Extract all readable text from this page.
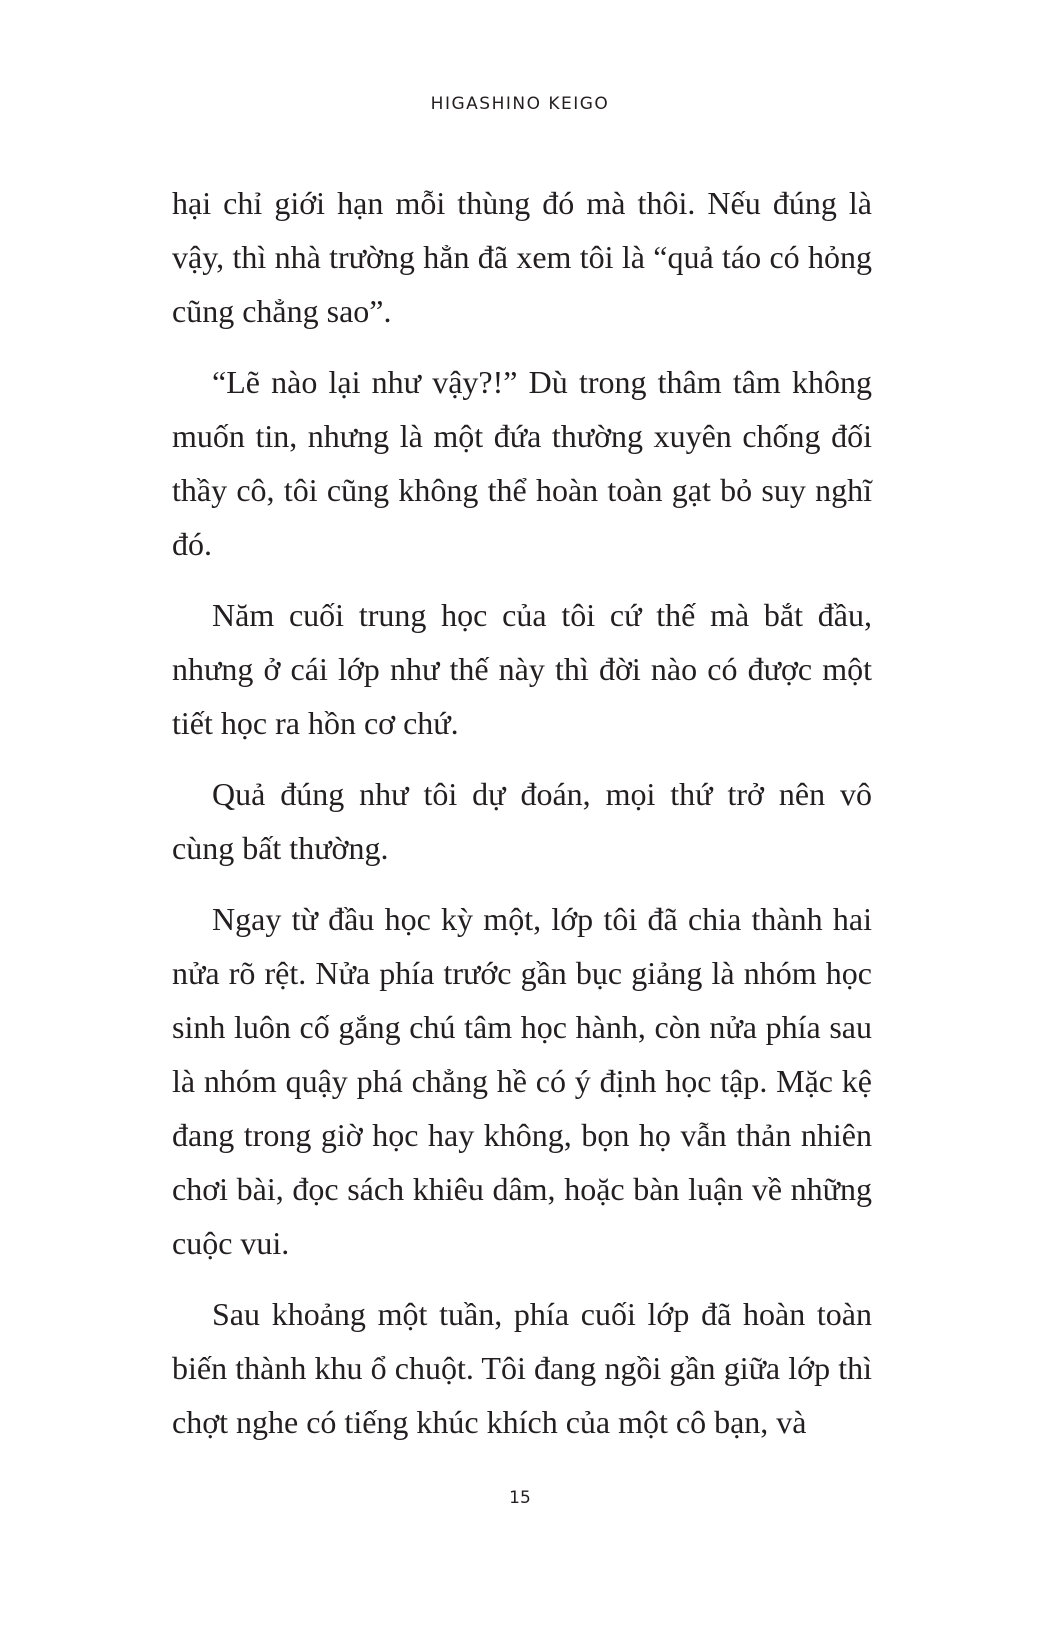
HIGASHINO KEIGO

hại chỉ giới hạn mỗi thùng đó mà thôi. Nếu đúng là vậy, thì nhà trường hẳn đã xem tôi là “quả táo có hỏng cũng chẳng sao”.

“Lẽ nào lại như vậy?!” Dù trong thâm tâm không muốn tin, nhưng là một đứa thường xuyên chống đối thầy cô, tôi cũng không thể hoàn toàn gạt bỏ suy nghĩ đó.

Năm cuối trung học của tôi cứ thế mà bắt đầu, nhưng ở cái lớp như thế này thì đời nào có được một tiết học ra hồn cơ chứ.

Quả đúng như tôi dự đoán, mọi thứ trở nên vô cùng bất thường.

Ngay từ đầu học kỳ một, lớp tôi đã chia thành hai nửa rõ rệt. Nửa phía trước gần bục giảng là nhóm học sinh luôn cố gắng chú tâm học hành, còn nửa phía sau là nhóm quậy phá chẳng hề có ý định học tập. Mặc kệ đang trong giờ học hay không, bọn họ vẫn thản nhiên chơi bài, đọc sách khiêu dâm, hoặc bàn luận về những cuộc vui.

Sau khoảng một tuần, phía cuối lớp đã hoàn toàn biến thành khu ổ chuột. Tôi đang ngồi gần giữa lớp thì chợt nghe có tiếng khúc khích của một cô bạn, và

15
